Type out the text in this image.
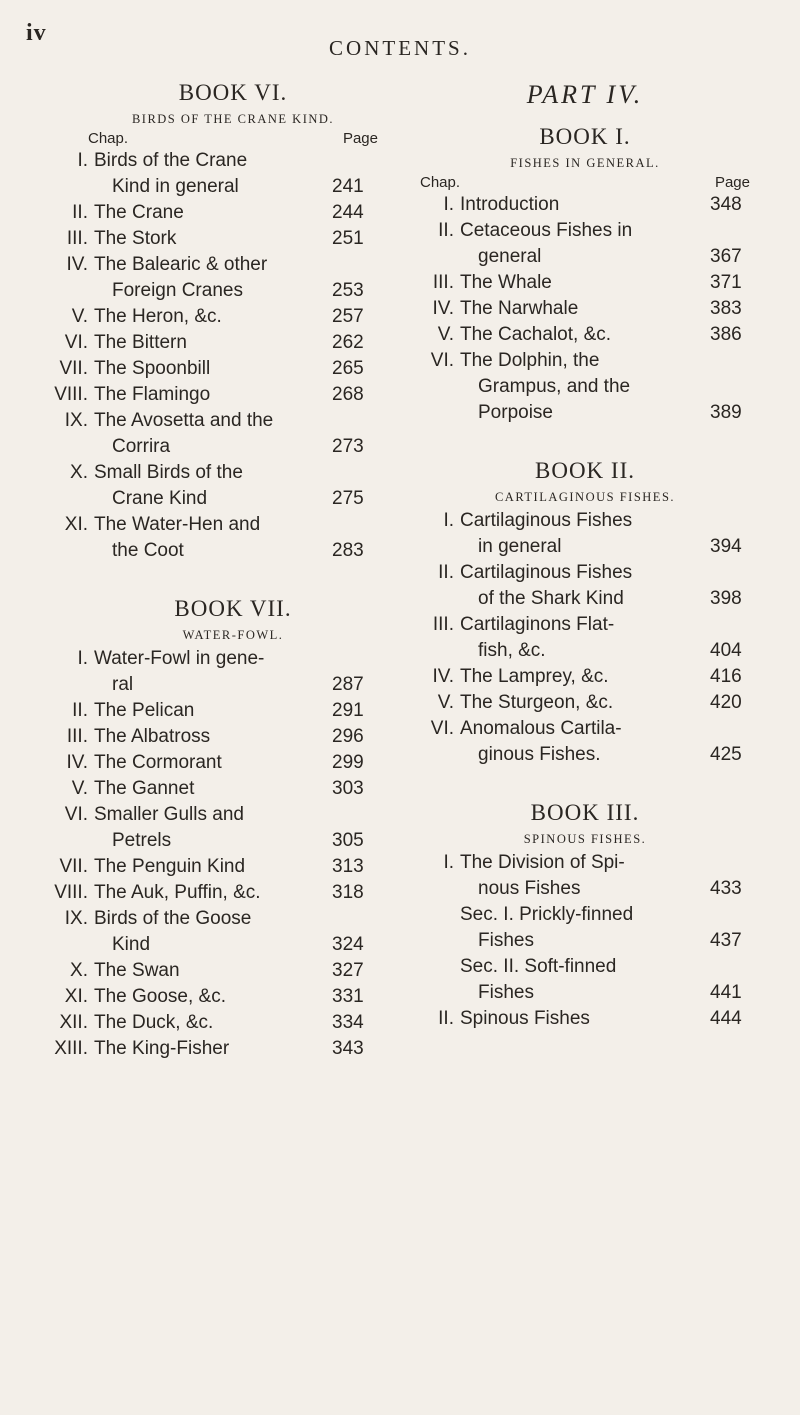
iv
CONTENTS.
BOOK VI.
BIRDS OF THE CRANE KIND.
Chap.	Page
I. Birds of the Crane
Kind in general	241
II. The Crane	244
III. The Stork	251
IV. The Balearic & other
Foreign Cranes	253
V. The Heron, &c.	257
VI. The Bittern	262
VII. The Spoonbill	265
VIII. The Flamingo	268
IX. The Avosetta and the
Corrira	273
X. Small Birds of the
Crane Kind	275
XI. The Water-Hen and
the Coot	283
BOOK VII.
WATER-FOWL.
I. Water-Fowl in gene-
ral	287
II. The Pelican	291
III. The Albatross	296
IV. The Cormorant	299
V. The Gannet	303
VI. Smaller Gulls and
Petrels	305
VII. The Penguin Kind	313
VIII. The Auk, Puffin, &c.	318
IX. Birds of the Goose
Kind	324
X. The Swan	327
XI. The Goose, &c.	331
XII. The Duck, &c.	334
XIII. The King-Fisher	343
PART IV.
BOOK I.
FISHES IN GENERAL.
Chap.	Page
I. Introduction	348
II. Cetaceous Fishes in
general	367
III. The Whale	371
IV. The Narwhale	383
V. The Cachalot, &c.	386
VI. The Dolphin, the
Grampus, and the
Porpoise	389
BOOK II.
CARTILAGINOUS FISHES.
I. Cartilaginous Fishes
in general	394
II. Cartilaginous Fishes
of the Shark Kind	398
III. Cartilaginons Flat-
fish, &c.	404
IV. The Lamprey, &c.	416
V. The Sturgeon, &c.	420
VI. Anomalous Cartila-
ginous Fishes.	425
BOOK III.
SPINOUS FISHES.
I. The Division of Spi-
nous Fishes	433
Sec. I. Prickly-finned
Fishes	437
Sec. II. Soft-finned
Fishes	441
II. Spinous Fishes	444
